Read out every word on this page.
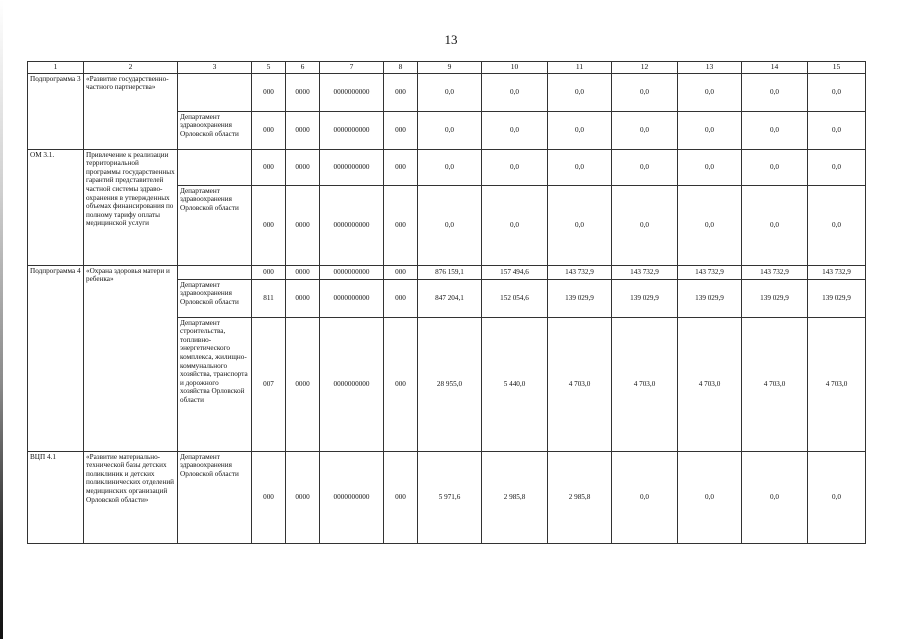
13
1	2	3	5	6	7	8	9	10	11	12	13	14	15
Подпрограмма 3	«Развитие государственно-частного партнерства»		000	0000	0000000000	000	0,0	0,0	0,0	0,0	0,0	0,0	0,0
		Департамент здравоохранения Орловской области	000	0000	0000000000	000	0,0	0,0	0,0	0,0	0,0	0,0	0,0
ОМ 3.1.	Привлечение к реализации территориальной программы государственных гарантий представителей частной системы здравоохранения в утвержденных объемах финансирования по полному тарифу оплаты медицинской услуги		000	0000	0000000000	000	0,0	0,0	0,0	0,0	0,0	0,0	0,0
		Департамент здравоохранения Орловской области	000	0000	0000000000	000	0,0	0,0	0,0	0,0	0,0	0,0	0,0
Подпрограмма 4	«Охрана здоровья матери и ребенка»		000	0000	0000000000	000	876 159,1	157 494,6	143 732,9	143 732,9	143 732,9	143 732,9	143 732,9
		Департамент здравоохранения Орловской области	811	0000	0000000000	000	847 204,1	152 054,6	139 029,9	139 029,9	139 029,9	139 029,9	139 029,9
		Департамент строительства, топливноэнергетического комплекса, жилищнокоммунального хозяйства, транспорта и дорожного хозяйства Орловской области	007	0000	0000000000	000	28 955,0	5 440,0	4 703,0	4 703,0	4 703,0	4 703,0	4 703,0
ВЦП 4.1	«Развитие материально-технической базы детских поликлиник и детских поликлинических отделений медицинских организаций Орловской области»	Департамент здравоохранения Орловской области	000	0000	0000000000	000	5 971,6	2 985,8	2 985,8	0,0	0,0	0,0	0,0
